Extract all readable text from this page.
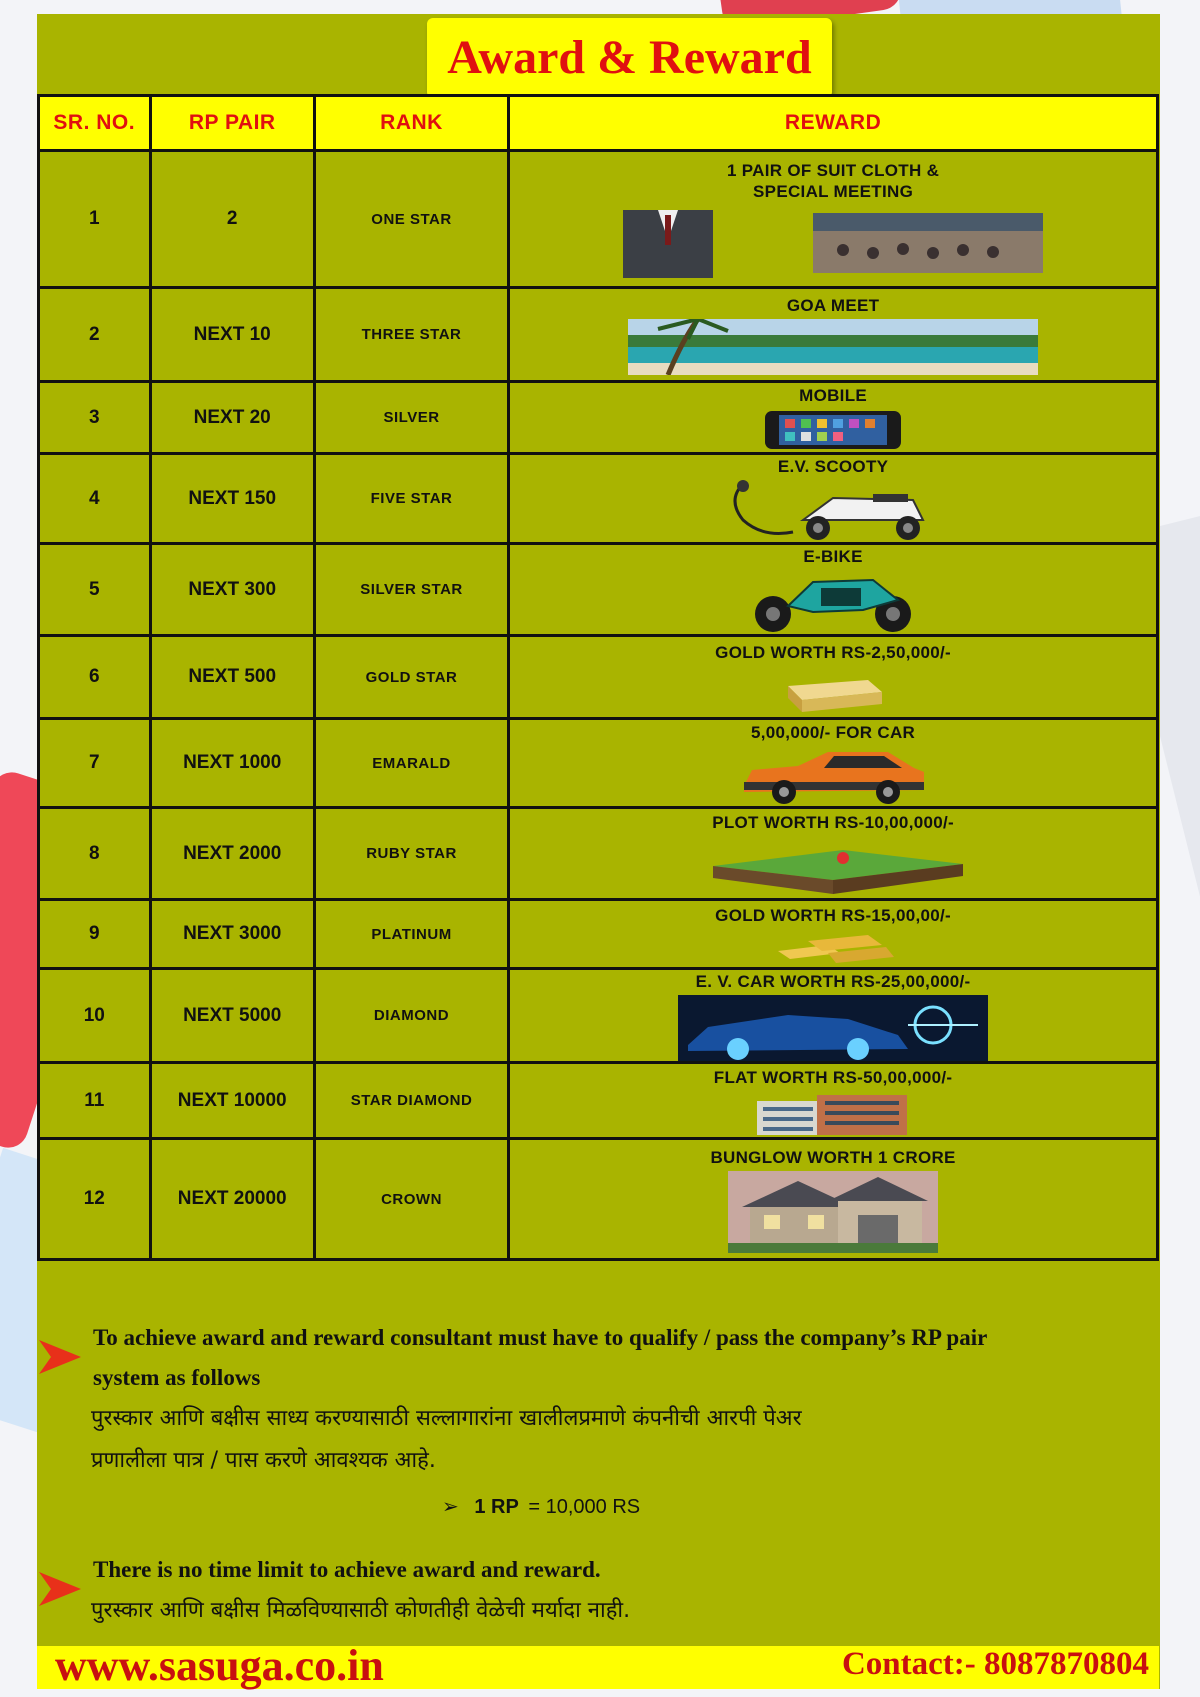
Award & Reward
SR. NO.	RP PAIR	RANK	REWARD
1	2	ONE STAR	1 PAIR OF SUIT CLOTH &
SPECIAL MEETING

2	NEXT 10	THREE STAR	GOA MEET

3	NEXT 20	SILVER	MOBILE

4	NEXT 150	FIVE STAR	E.V. SCOOTY

5	NEXT 300	SILVER STAR	E-BIKE

6	NEXT 500	GOLD STAR	GOLD WORTH RS-2,50,000/-

7	NEXT 1000	EMARALD	5,00,000/- FOR CAR

8	NEXT 2000	RUBY STAR	PLOT WORTH RS-10,00,000/-

9	NEXT 3000	PLATINUM	GOLD WORTH RS-15,00,00/-

10	NEXT 5000	DIAMOND	E. V. CAR WORTH RS-25,00,000/-

11	NEXT 10000	STAR DIAMOND	FLAT WORTH RS-50,00,000/-

12	NEXT 20000	CROWN	BUNGLOW WORTH 1 CRORE
To achieve award and reward consultant must have to qualify / pass the company’s RP pair
system as follows
पुरस्कार आणि बक्षीस साध्य करण्यासाठी सल्लागारांना खालीलप्रमाणे कंपनीची आरपी पेअर
प्रणालीला पात्र / पास करणे आवश्यक आहे.
➢ 1 RP = 10,000 RS
There is no time limit to achieve award and reward.
पुरस्कार आणि बक्षीस मिळविण्यासाठी कोणतीही वेळेची मर्यादा नाही.
www.sasuga.co.in	Contact:- 8087870804
